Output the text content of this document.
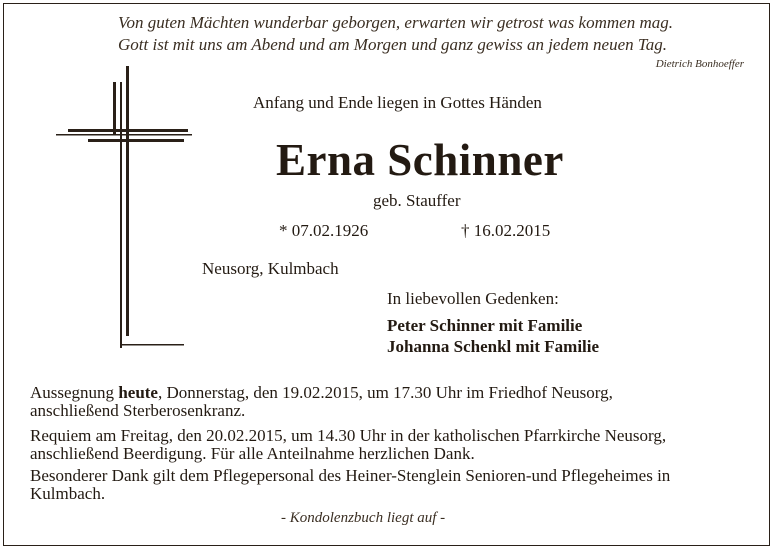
Von guten Mächten wunderbar geborgen, erwarten wir getrost was kommen mag.
Gott ist mit uns am Abend und am Morgen und ganz gewiss an jedem neuen Tag.
Dietrich Bonhoeffer
Anfang und Ende liegen in Gottes Händen
Erna Schinner
geb. Stauffer
* 07.02.1926	† 16.02.2015
Neusorg, Kulmbach
In liebevollen Gedenken:
Peter Schinner mit Familie
Johanna Schenkl mit Familie
Aussegnung heute, Donnerstag, den 19.02.2015, um 17.30 Uhr im Friedhof Neusorg,
anschließend Sterberosenkranz.
Requiem am Freitag, den 20.02.2015, um 14.30 Uhr in der katholischen Pfarrkirche Neusorg,
anschließend Beerdigung. Für alle Anteilnahme herzlichen Dank.
Besonderer Dank gilt dem Pflegepersonal des Heiner-Stenglein Senioren-und Pflegeheimes in
Kulmbach.
- Kondolenzbuch liegt auf -
